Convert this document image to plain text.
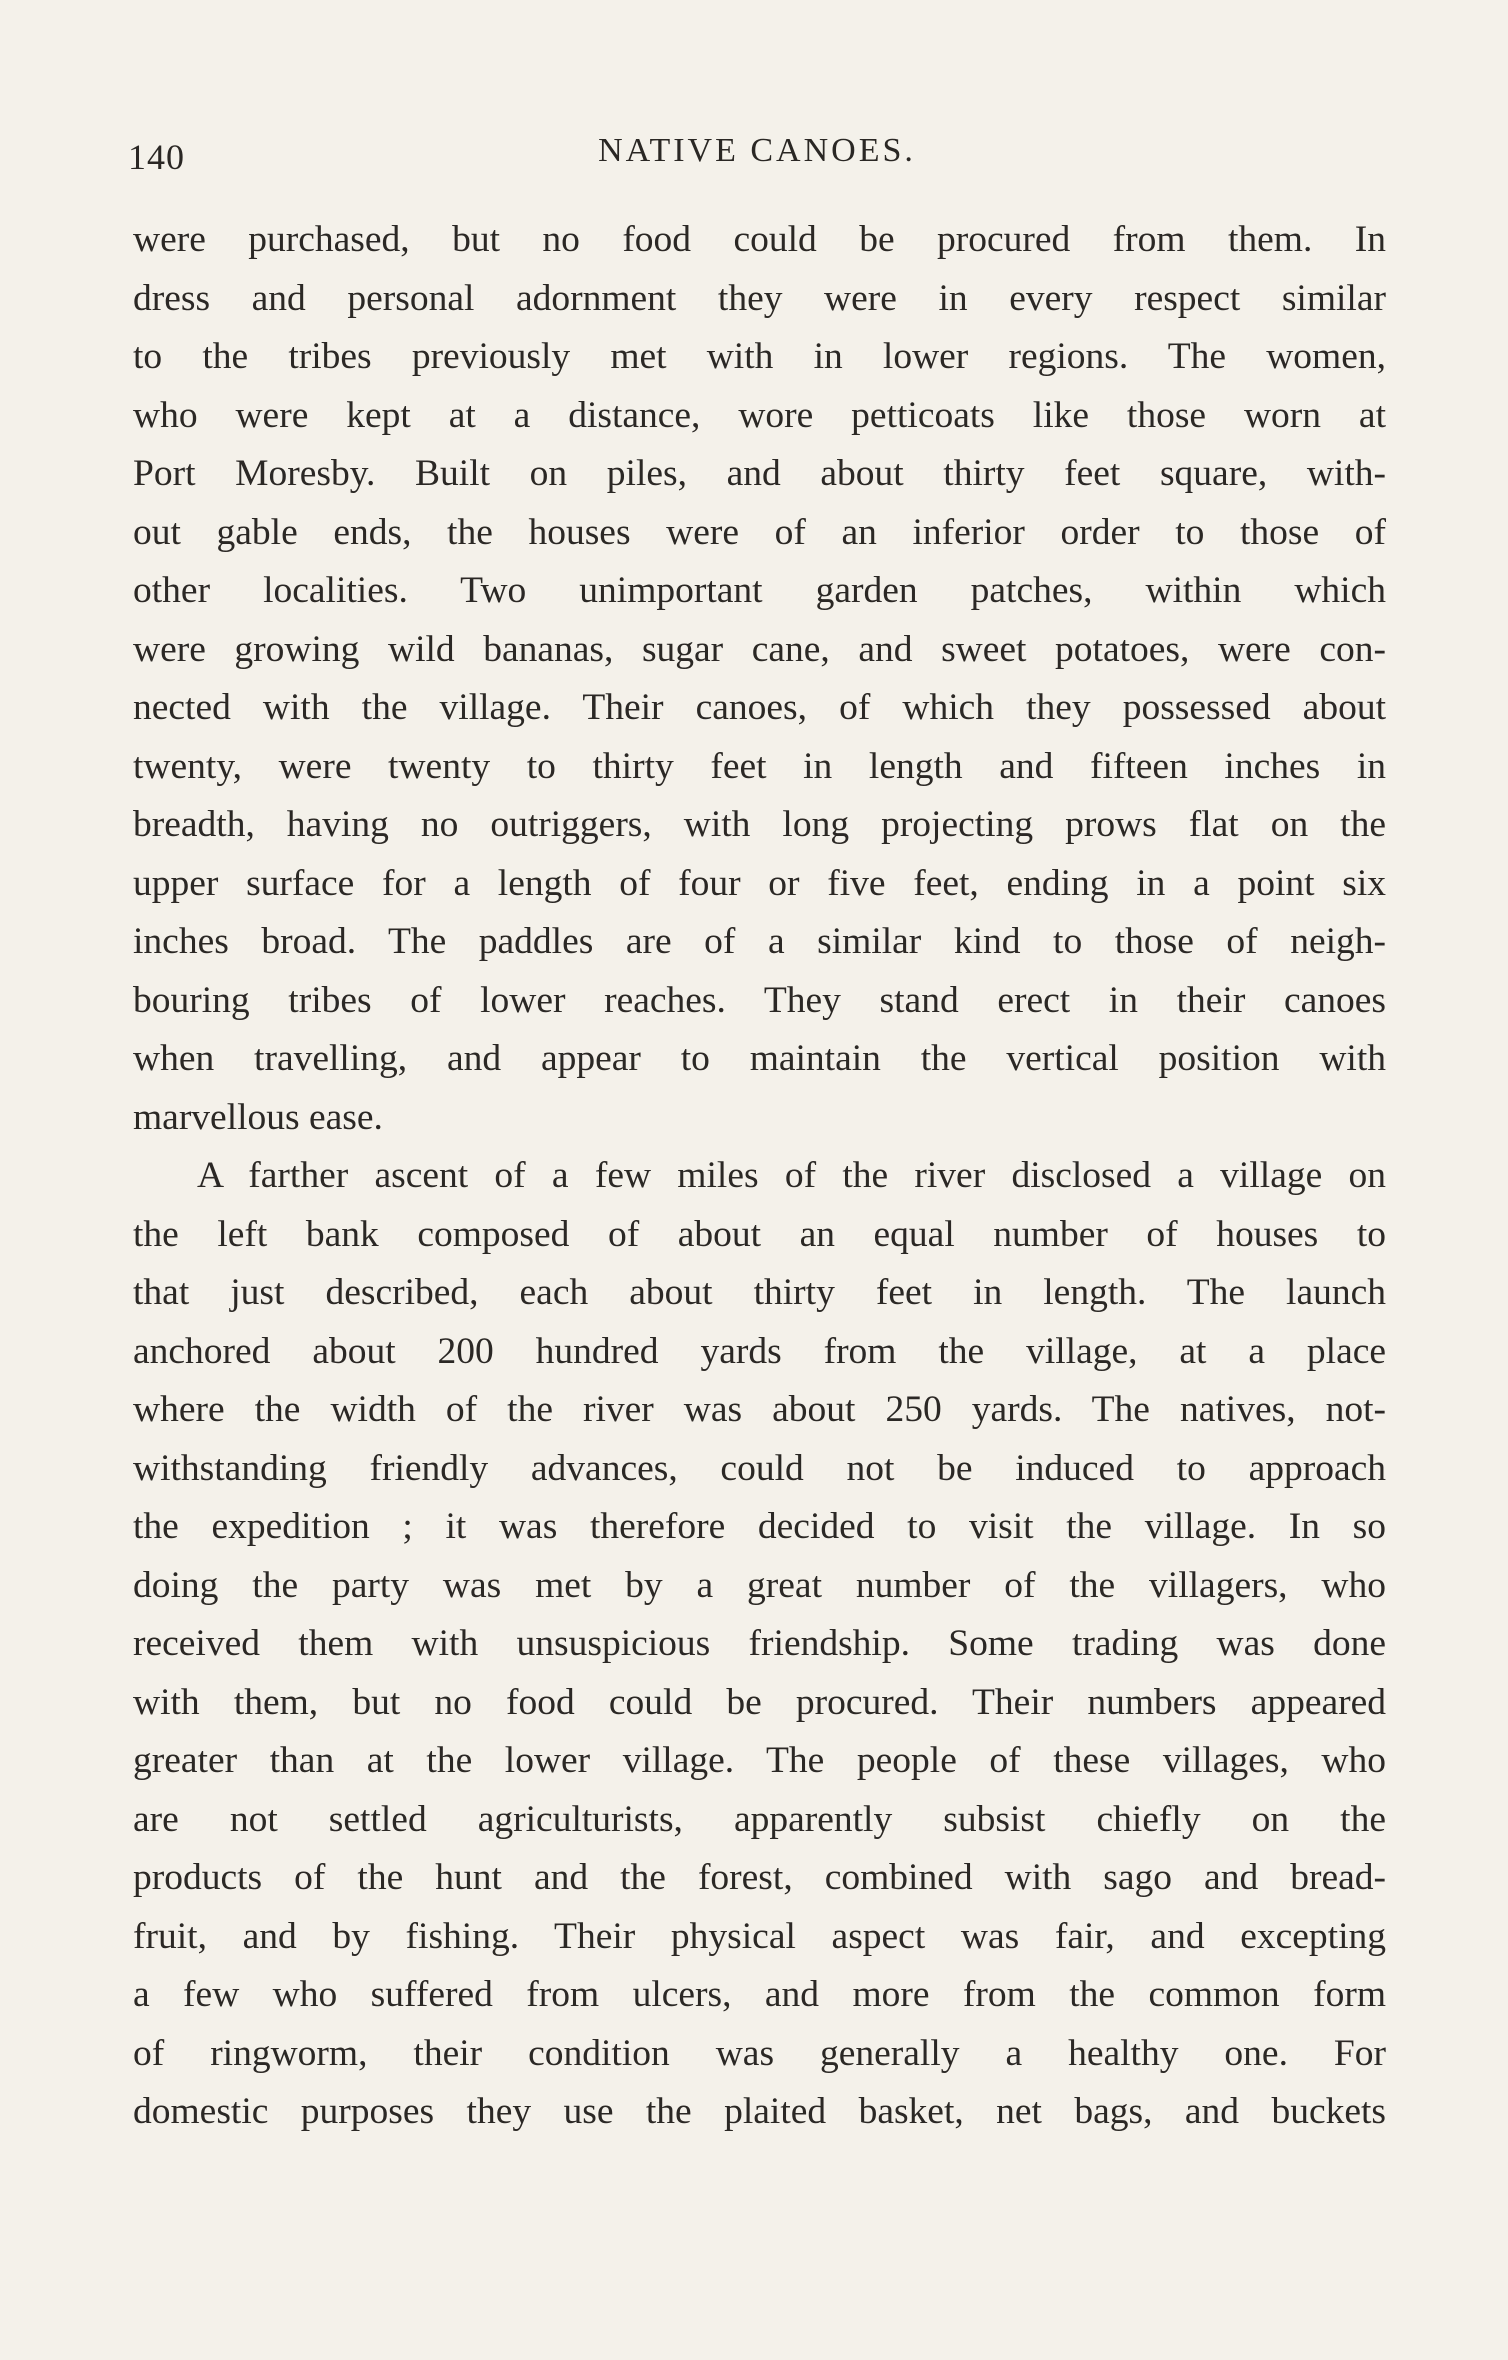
140	NATIVE CANOES.
were purchased, but no food could be procured from them. In
dress and personal adornment they were in every respect similar
to the tribes previously met with in lower regions. The women,
who were kept at a distance, wore petticoats like those worn at
Port Moresby. Built on piles, and about thirty feet square, with-
out gable ends, the houses were of an inferior order to those of
other localities. Two unimportant garden patches, within which
were growing wild bananas, sugar cane, and sweet potatoes, were con-
nected with the village. Their canoes, of which they possessed about
twenty, were twenty to thirty feet in length and fifteen inches in
breadth, having no outriggers, with long projecting prows flat on the
upper surface for a length of four or five feet, ending in a point six
inches broad. The paddles are of a similar kind to those of neigh-
bouring tribes of lower reaches. They stand erect in their canoes
when travelling, and appear to maintain the vertical position with
marvellous ease.
A farther ascent of a few miles of the river disclosed a village on
the left bank composed of about an equal number of houses to
that just described, each about thirty feet in length. The launch
anchored about 200 hundred yards from the village, at a place
where the width of the river was about 250 yards. The natives, not-
withstanding friendly advances, could not be induced to approach
the expedition ; it was therefore decided to visit the village. In so
doing the party was met by a great number of the villagers, who
received them with unsuspicious friendship. Some trading was done
with them, but no food could be procured. Their numbers appeared
greater than at the lower village. The people of these villages, who
are not settled agriculturists, apparently subsist chiefly on the
products of the hunt and the forest, combined with sago and bread-
fruit, and by fishing. Their physical aspect was fair, and excepting
a few who suffered from ulcers, and more from the common form
of ringworm, their condition was generally a healthy one. For
domestic purposes they use the plaited basket, net bags, and buckets
